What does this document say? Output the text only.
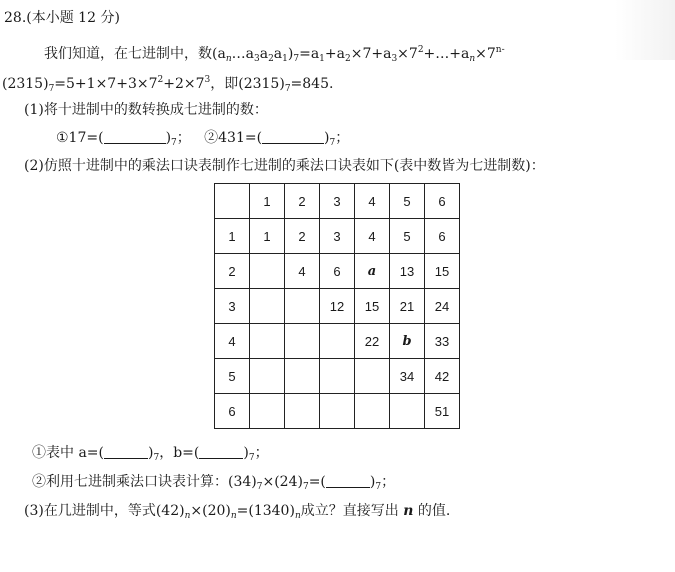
28.(本小题 12 分)
我们知道，在七进制中，数$(a_n\dots a_3a_2a_1)_7=a_1+a_2\times 7+a_3\times 7^2+\dots+a_n\times 7^{n-}$
$(2315)_7=5+1\times 7+3\times 7^2+2\times 7^3$，即$(2315)_7=845$.
(1)将十进制中的数转换成七进制的数：
①17=(	)$_7$； ②431=(	)$_7$；
(2)仿照十进制中的乘法口诀表制作七进制的乘法口诀表如下(表中数皆为七进制数)：
	1	2	3	4	5	6
1	1	2	3	4	5	6
2		4	6	a	13	15
3			12	15	21	24
4				22	b	33
5					34	42
6						51
①表中 a=(	)$_7$，b=(	)$_7$；
②利用七进制乘法口诀表计算：$(34)_7\times(24)_7=$(	)$_7$；
(3)在几进制中，等式$(42)_n\times(20)_n=(1340)_n$成立？直接写出 n 的值.
